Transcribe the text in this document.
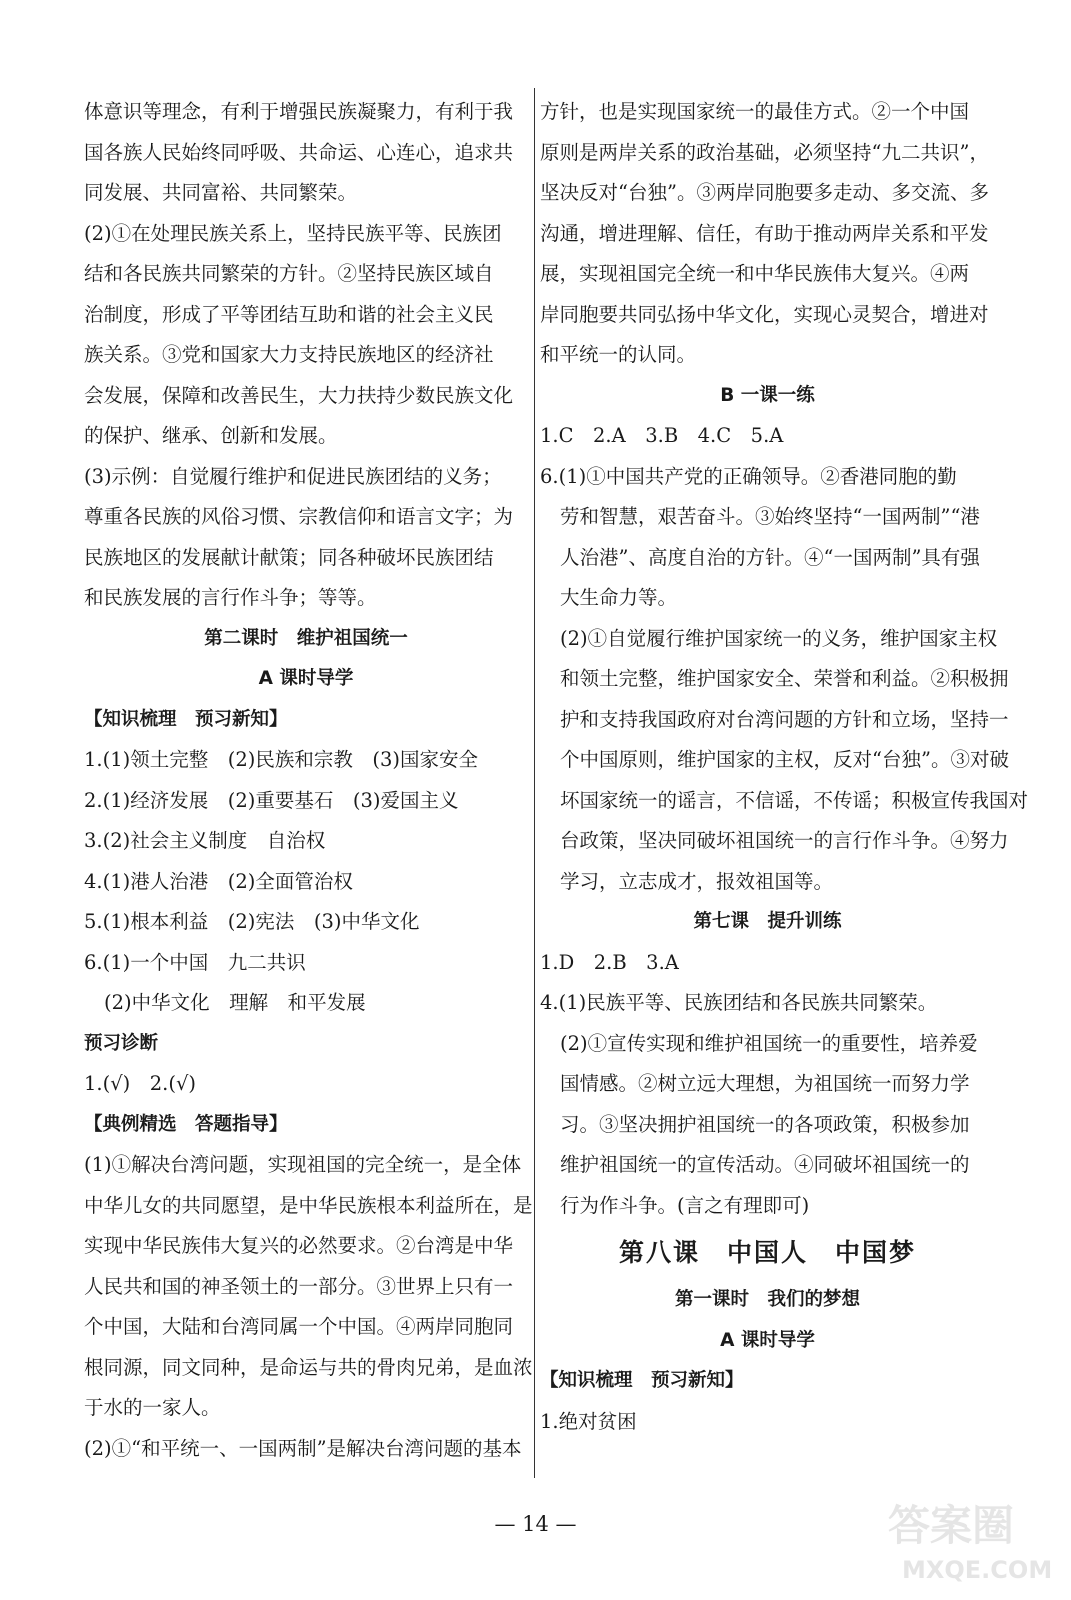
体意识等理念，有利于增强民族凝聚力，有利于我
国各族人民始终同呼吸、共命运、心连心，追求共
同发展、共同富裕、共同繁荣。
(2)①在处理民族关系上，坚持民族平等、民族团
结和各民族共同繁荣的方针。②坚持民族区域自
治制度，形成了平等团结互助和谐的社会主义民
族关系。③党和国家大力支持民族地区的经济社
会发展，保障和改善民生，大力扶持少数民族文化
的保护、继承、创新和发展。
(3)示例：自觉履行维护和促进民族团结的义务；
尊重各民族的风俗习惯、宗教信仰和语言文字；为
民族地区的发展献计献策；同各种破坏民族团结
和民族发展的言行作斗争；等等。
第二课时　维护祖国统一
A 课时导学
【知识梳理　预习新知】
1.(1)领土完整　(2)民族和宗教　(3)国家安全
2.(1)经济发展　(2)重要基石　(3)爱国主义
3.(2)社会主义制度　自治权
4.(1)港人治港　(2)全面管治权
5.(1)根本利益　(2)宪法　(3)中华文化
6.(1)一个中国　九二共识
(2)中华文化　理解　和平发展
预习诊断
1.(√)　2.(√)
【典例精选　答题指导】
(1)①解决台湾问题，实现祖国的完全统一，是全体
中华儿女的共同愿望，是中华民族根本利益所在，是
实现中华民族伟大复兴的必然要求。②台湾是中华
人民共和国的神圣领土的一部分。③世界上只有一
个中国，大陆和台湾同属一个中国。④两岸同胞同
根同源，同文同种，是命运与共的骨肉兄弟，是血浓
于水的一家人。
(2)①“和平统一、一国两制”是解决台湾问题的基本
方针，也是实现国家统一的最佳方式。②一个中国
原则是两岸关系的政治基础，必须坚持“九二共识”，
坚决反对“台独”。③两岸同胞要多走动、多交流、多
沟通，增进理解、信任，有助于推动两岸关系和平发
展，实现祖国完全统一和中华民族伟大复兴。④两
岸同胞要共同弘扬中华文化，实现心灵契合，增进对
和平统一的认同。
B 一课一练
1.C　2.A　3.B　4.C　5.A
6.(1)①中国共产党的正确领导。②香港同胞的勤
劳和智慧，艰苦奋斗。③始终坚持“一国两制”“港
人治港”、高度自治的方针。④“一国两制”具有强
大生命力等。
(2)①自觉履行维护国家统一的义务，维护国家主权
和领土完整，维护国家安全、荣誉和利益。②积极拥
护和支持我国政府对台湾问题的方针和立场，坚持一
个中国原则，维护国家的主权，反对“台独”。③对破
坏国家统一的谣言，不信谣，不传谣；积极宣传我国对
台政策，坚决同破坏祖国统一的言行作斗争。④努力
学习，立志成才，报效祖国等。
第七课　提升训练
1.D　2.B　3.A
4.(1)民族平等、民族团结和各民族共同繁荣。
(2)①宣传实现和维护祖国统一的重要性，培养爱
国情感。②树立远大理想，为祖国统一而努力学
习。③坚决拥护祖国统一的各项政策，积极参加
维护祖国统一的宣传活动。④同破坏祖国统一的
行为作斗争。(言之有理即可)
第八课　中国人　中国梦
第一课时　我们的梦想
A 课时导学
【知识梳理　预习新知】
1.绝对贫困
— 14 —	答案圈
MXQE.COM
